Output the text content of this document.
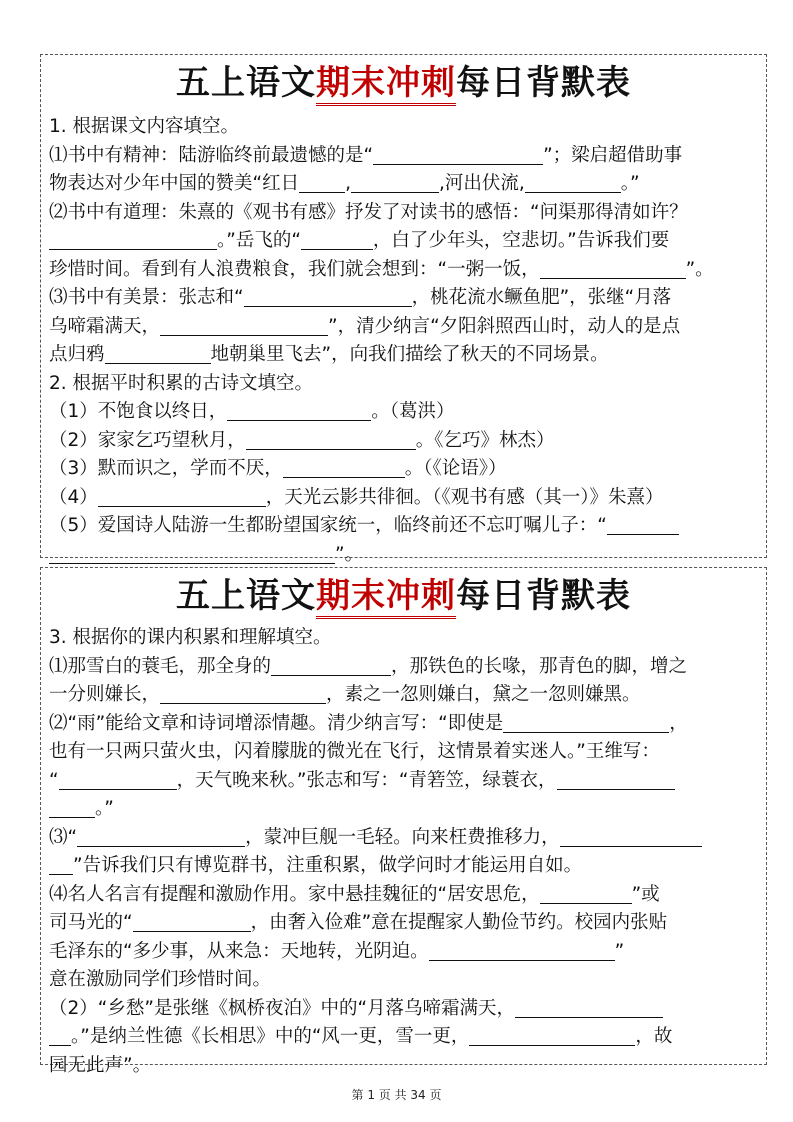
五上语文期末冲刺每日背默表
1. 根据课文内容填空。
⑴书中有精神：陆游临终前最遗憾的是“	”；梁启超借助事
物表达对少年中国的赞美“红日 ,	,河出伏流,	。”
⑵书中有道理：朱熹的《观书有感》抒发了对读书的感悟：“问渠那得清如许？
。”岳飞的“	，白了少年头，空悲切。”告诉我们要
珍惜时间。看到有人浪费粮食，我们就会想到：“一粥一饭，	”。
⑶书中有美景：张志和“	，桃花流水鳜鱼肥”，张继“月落
乌啼霜满天，	”，清少纳言“夕阳斜照西山时，动人的是点
点归鸦	地朝巢里飞去”，向我们描绘了秋天的不同场景。
2. 根据平时积累的古诗文填空。
（1）不饱食以终日，	。（葛洪）
（2）家家乞巧望秋月，	。《乞巧》林杰）
（3）默而识之，学而不厌，	。（《论语》）
（4）	，天光云影共徘徊。（《观书有感（其一）》朱熹）
（5）爱国诗人陆游一生都盼望国家统一，临终前还不忘叮嘱儿子：“
”。
五上语文期末冲刺每日背默表
3. 根据你的课内积累和理解填空。
⑴那雪白的蓑毛，那全身的	，那铁色的长喙，那青色的脚，增之
一分则嫌长，	，素之一忽则嫌白，黛之一忽则嫌黑。
⑵“雨”能给文章和诗词增添情趣。清少纳言写：“即使是	，
也有一只两只萤火虫，闪着朦胧的微光在飞行，这情景着实迷人。”王维写：
“	，天气晚来秋。”张志和写：“青箬笠，绿蓑衣，
。”
⑶“	，蒙冲巨舰一毛轻。向来枉费推移力，
”告诉我们只有博览群书，注重积累，做学问时才能运用自如。
⑷名人名言有提醒和激励作用。家中悬挂魏征的“居安思危，	”或
司马光的“	，由奢入俭难”意在提醒家人勤俭节约。校园内张贴
毛泽东的“多少事，从来急：天地转，光阴迫。	”
意在激励同学们珍惜时间。
（2）“乡愁”是张继《枫桥夜泊》中的“月落乌啼霜满天，
。”是纳兰性德《长相思》中的“风一更，雪一更，	，故
园无此声”。
第 1 页 共 34 页
